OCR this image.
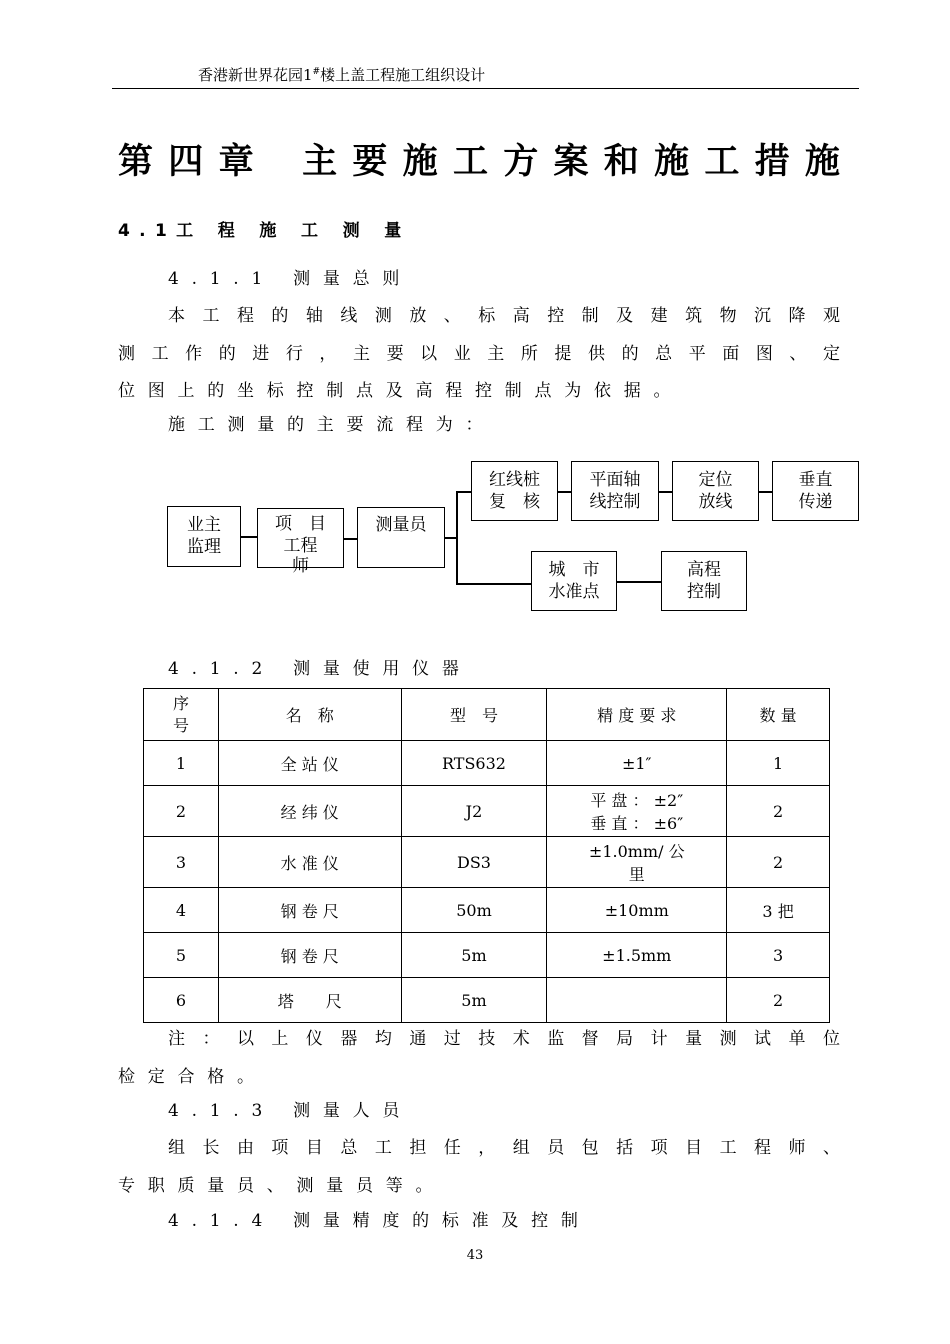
香港新世界花园1#楼上盖工程施工组织设计
第 四 章 主 要 施 工 方 案 和 施 工 措 施
4.1工 程 施 工 测 量
4.1.1 测量总则
本工程的轴线测放、标高控制及建筑物沉降观
测工作的进行，主要以业主所提供的总平面图、定
位图上的坐标控制点及高程控制点为依据。
施工测量的主要流程为：
业主
监理
项　目
工程
师
测量员
红线桩
复　核
平面轴
线控制
定位
放线
垂直
传递
城　市
水准点
高程
控制
4.1.2 测量使用仪器
序号	名　称	型　号	精 度 要 求	数 量
1	全 站 仪	RTS632	±1″	1
2	经 纬 仪	J2	平 盘 ： ±2″
垂 直 ： ±6″	2
3	水 准 仪	DS3	±1.0mm/ 公
里	2
4	钢 卷 尺	50m	±10mm	3 把
5	钢 卷 尺	5m	±1.5mm	3
6	塔　　尺	5m		2
注：以上仪器均通过技术监督局计量测试单位
检定合格。
4.1.3 测量人员
组长由项目总工担任，组员包括项目工程师、
专职质量员、测量员等。
4.1.4 测量精度的标准及控制
43
